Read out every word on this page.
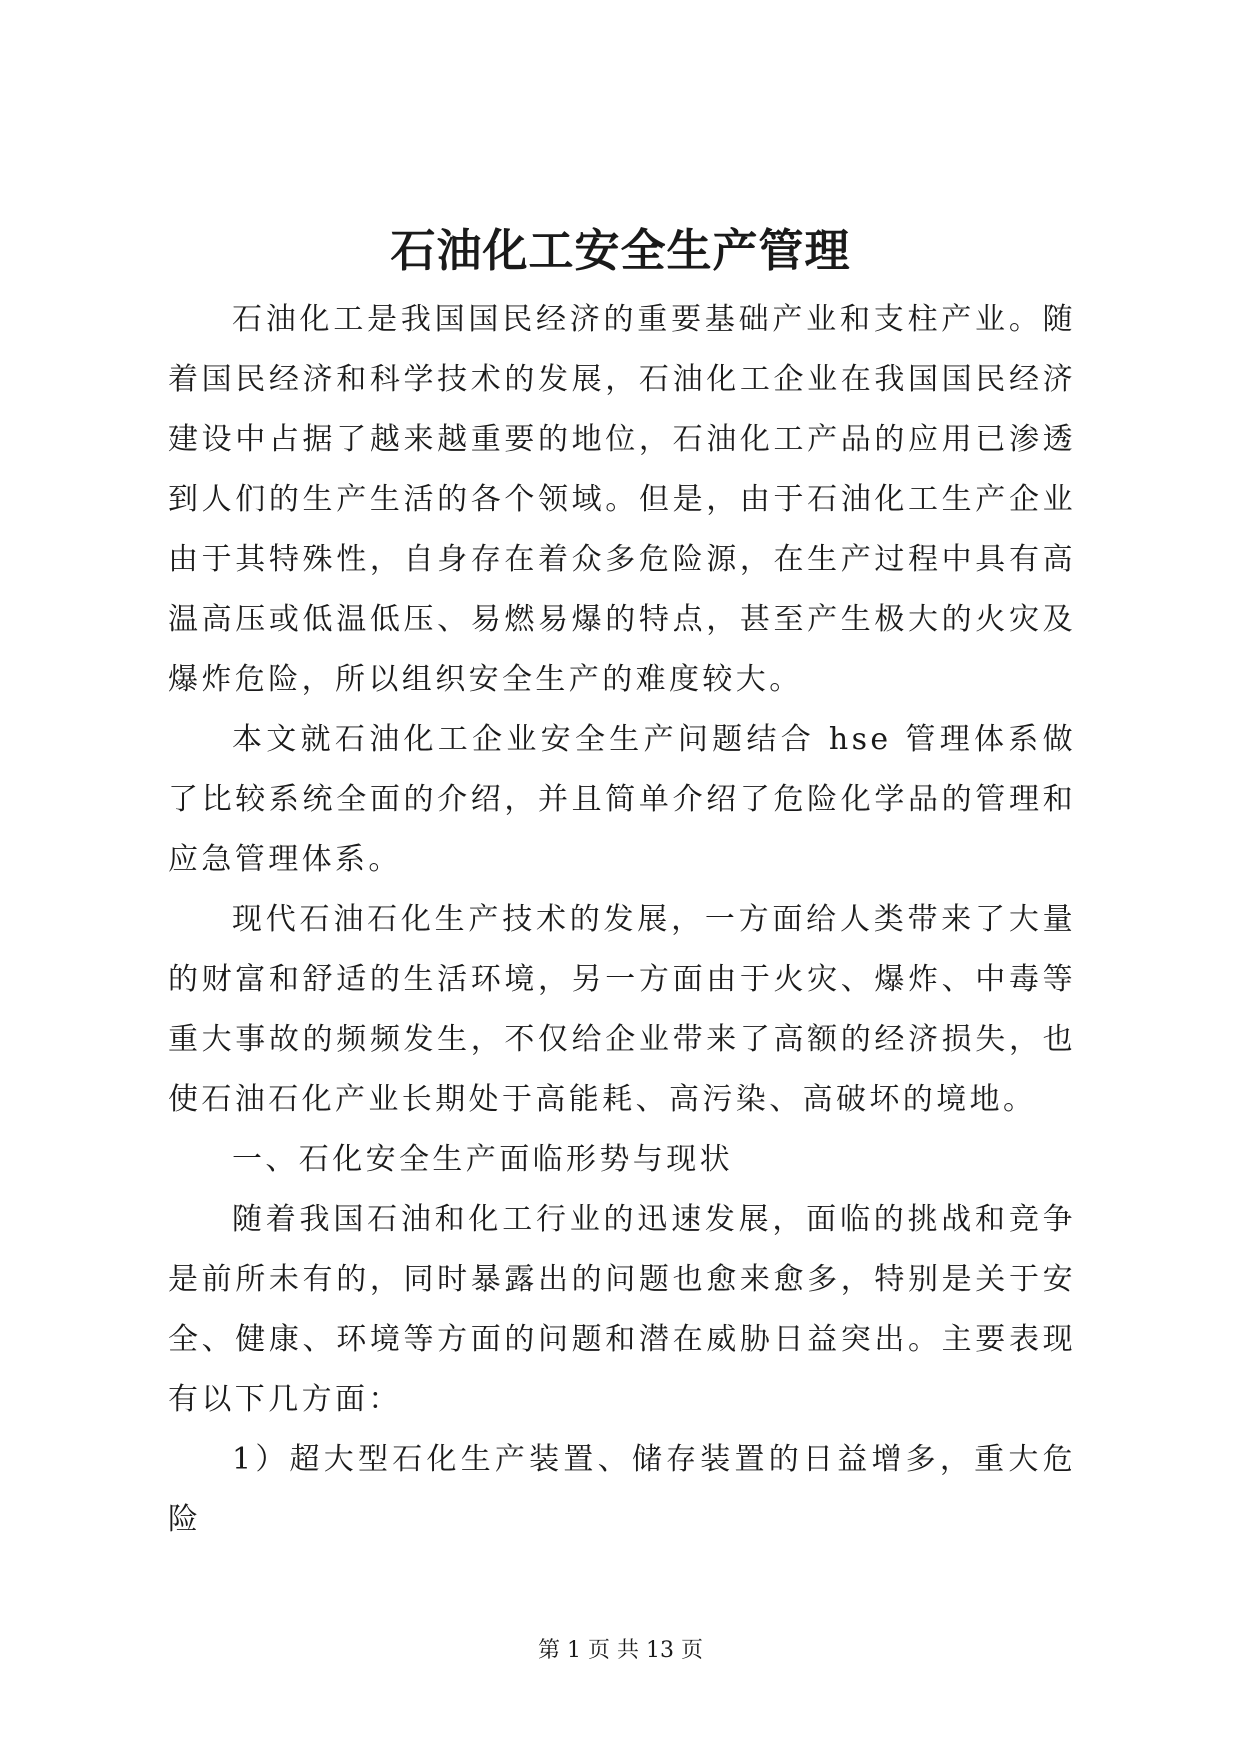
石油化工安全生产管理

石油化工是我国国民经济的重要基础产业和支柱产业。随着国民经济和科学技术的发展，石油化工企业在我国国民经济建设中占据了越来越重要的地位，石油化工产品的应用已渗透到人们的生产生活的各个领域。但是，由于石油化工生产企业由于其特殊性，自身存在着众多危险源，在生产过程中具有高温高压或低温低压、易燃易爆的特点，甚至产生极大的火灾及爆炸危险，所以组织安全生产的难度较大。

本文就石油化工企业安全生产问题结合 hse 管理体系做了比较系统全面的介绍，并且简单介绍了危险化学品的管理和应急管理体系。

现代石油石化生产技术的发展，一方面给人类带来了大量的财富和舒适的生活环境，另一方面由于火灾、爆炸、中毒等重大事故的频频发生，不仅给企业带来了高额的经济损失，也使石油石化产业长期处于高能耗、高污染、高破坏的境地。

一、石化安全生产面临形势与现状

随着我国石油和化工行业的迅速发展，面临的挑战和竞争是前所未有的，同时暴露出的问题也愈来愈多，特别是关于安全、健康、环境等方面的问题和潜在威胁日益突出。主要表现有以下几方面：

1）超大型石化生产装置、储存装置的日益增多，重大危险

第 1 页 共 13 页
